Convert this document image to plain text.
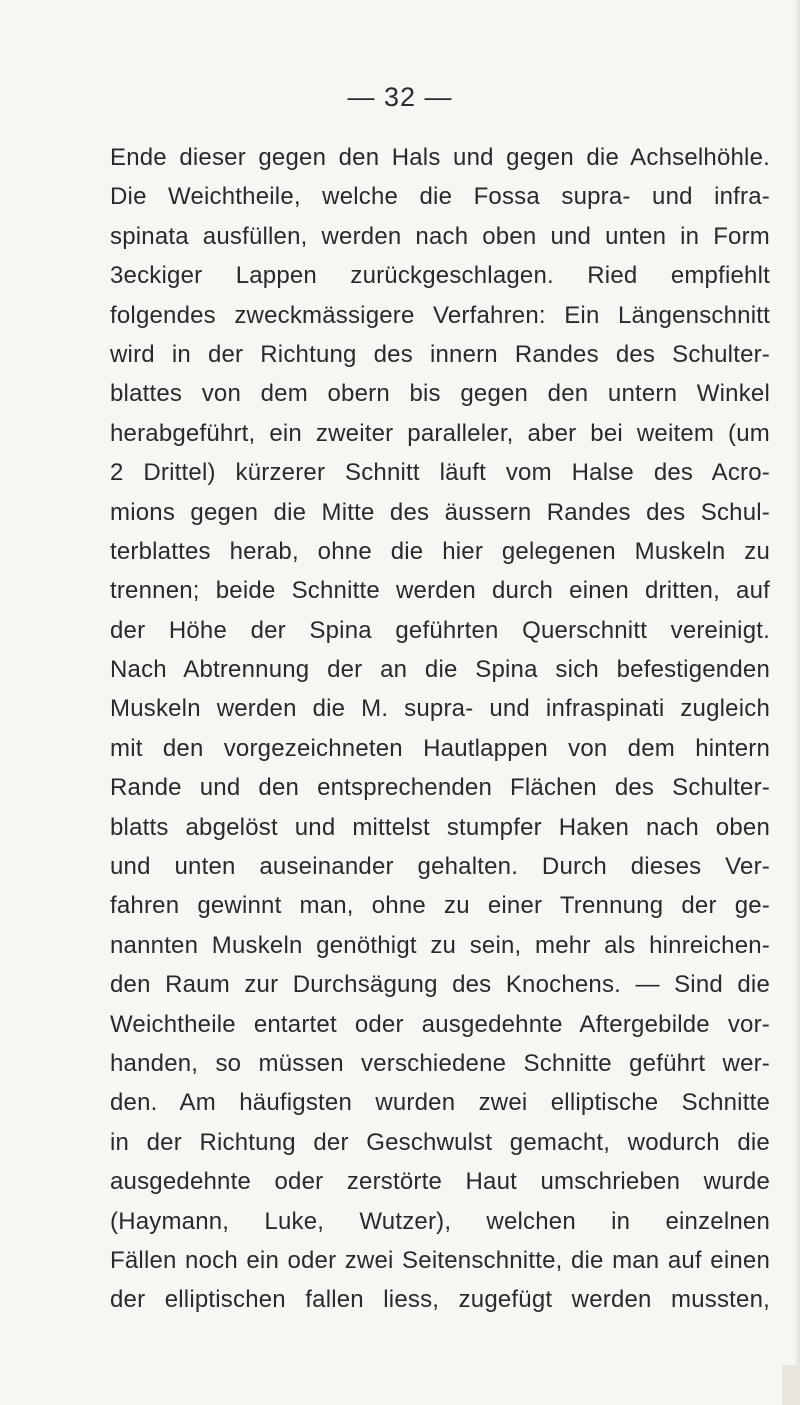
— 32 —
Ende dieser gegen den Hals und gegen die Achselhöhle.
Die Weichtheile, welche die Fossa supra- und infra-
spinata ausfüllen, werden nach oben und unten in Form
3eckiger Lappen zurückgeschlagen. Ried empfiehlt
folgendes zweckmässigere Verfahren: Ein Längenschnitt
wird in der Richtung des innern Randes des Schulter-
blattes von dem obern bis gegen den untern Winkel
herabgeführt, ein zweiter paralleler, aber bei weitem (um
2 Drittel) kürzerer Schnitt läuft vom Halse des Acro-
mions gegen die Mitte des äussern Randes des Schul-
terblattes herab, ohne die hier gelegenen Muskeln zu
trennen; beide Schnitte werden durch einen dritten, auf
der Höhe der Spina geführten Querschnitt vereinigt.
Nach Abtrennung der an die Spina sich befestigenden
Muskeln werden die M. supra- und infraspinati zugleich
mit den vorgezeichneten Hautlappen von dem hintern
Rande und den entsprechenden Flächen des Schulter-
blatts abgelöst und mittelst stumpfer Haken nach oben
und unten auseinander gehalten. Durch dieses Ver-
fahren gewinnt man, ohne zu einer Trennung der ge-
nannten Muskeln genöthigt zu sein, mehr als hinreichen-
den Raum zur Durchsägung des Knochens. — Sind die
Weichtheile entartet oder ausgedehnte Aftergebilde vor-
handen, so müssen verschiedene Schnitte geführt wer-
den. Am häufigsten wurden zwei elliptische Schnitte
in der Richtung der Geschwulst gemacht, wodurch die
ausgedehnte oder zerstörte Haut umschrieben wurde
(Haymann, Luke, Wutzer), welchen in einzelnen
Fällen noch ein oder zwei Seitenschnitte, die man auf einen
der elliptischen fallen liess, zugefügt werden mussten,
